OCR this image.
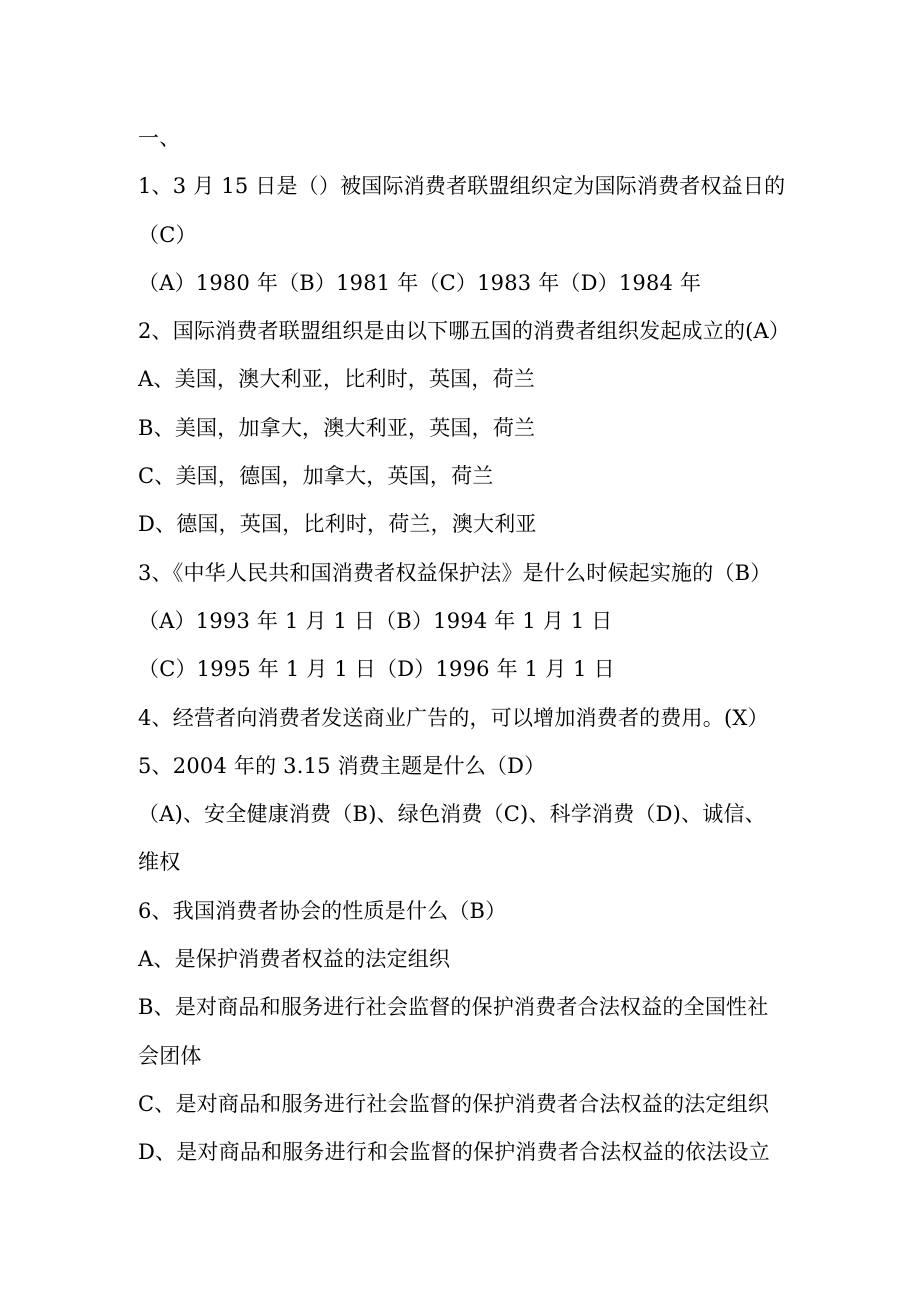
一、
1、3 月 15 日是（）被国际消费者联盟组织定为国际消费者权益日的
（C）
（A）1980 年（B）1981 年（C）1983 年（D）1984 年
2、国际消费者联盟组织是由以下哪五国的消费者组织发起成立的(A）
A、美国，澳大利亚，比利时，英国，荷兰
B、美国，加拿大，澳大利亚，英国，荷兰
C、美国，德国，加拿大，英国，荷兰
D、德国，英国，比利时，荷兰，澳大利亚
3、《中华人民共和国消费者权益保护法》是什么时候起实施的（B）
（A）1993 年 1 月 1 日（B）1994 年 1 月 1 日
（C）1995 年 1 月 1 日（D）1996 年 1 月 1 日
4、经营者向消费者发送商业广告的，可以增加消费者的费用。(X）
5、2004 年的 3.15 消费主题是什么（D）
（A)、安全健康消费（B)、绿色消费（C)、科学消费（D)、诚信、
维权
6、我国消费者协会的性质是什么（B）
A、是保护消费者权益的法定组织
B、是对商品和服务进行社会监督的保护消费者合法权益的全国性社
会团体
C、是对商品和服务进行社会监督的保护消费者合法权益的法定组织
D、是对商品和服务进行和会监督的保护消费者合法权益的依法设立
